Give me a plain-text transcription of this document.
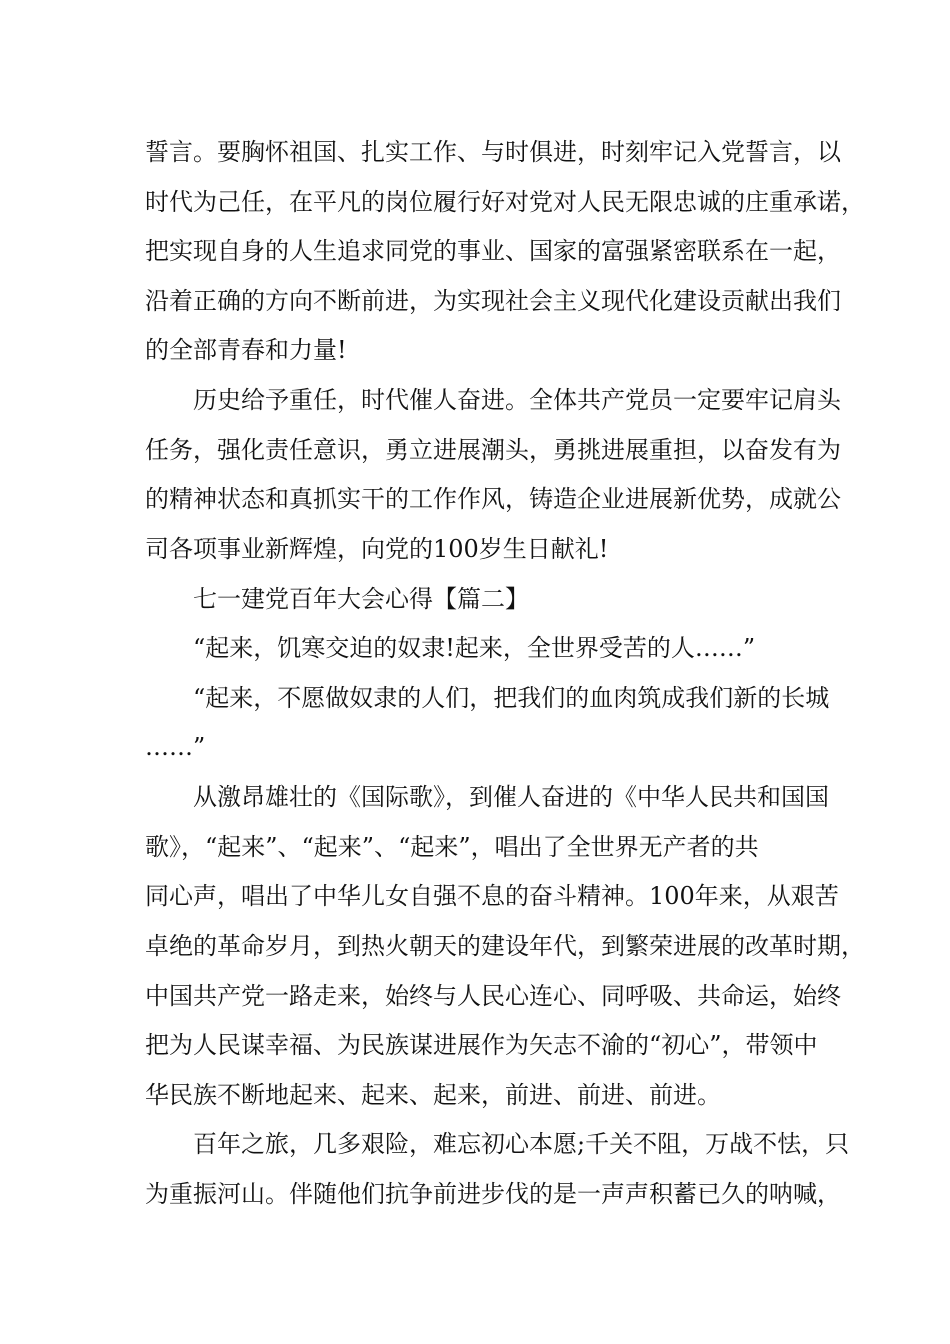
誓言。要胸怀祖国、扎实工作、与时俱进，时刻牢记入党誓言，以
时代为己任，在平凡的岗位履行好对党对人民无限忠诚的庄重承诺，
把实现自身的人生追求同党的事业、国家的富强紧密联系在一起，
沿着正确的方向不断前进，为实现社会主义现代化建设贡献出我们
的全部青春和力量!
历史给予重任，时代催人奋进。全体共产党员一定要牢记肩头
任务，强化责任意识，勇立进展潮头，勇挑进展重担，以奋发有为
的精神状态和真抓实干的工作作风，铸造企业进展新优势，成就公
司各项事业新辉煌，向党的100岁生日献礼!
七一建党百年大会心得【篇二】
“起来，饥寒交迫的奴隶!起来，全世界受苦的人……”
“起来，不愿做奴隶的人们，把我们的血肉筑成我们新的长城
……”
从激昂雄壮的《国际歌》，到催人奋进的《中华人民共和国国
歌》，“起来”、“起来”、“起来”，唱出了全世界无产者的共
同心声，唱出了中华儿女自强不息的奋斗精神。100年来，从艰苦
卓绝的革命岁月，到热火朝天的建设年代，到繁荣进展的改革时期，
中国共产党一路走来，始终与人民心连心、同呼吸、共命运，始终
把为人民谋幸福、为民族谋进展作为矢志不渝的“初心”，带领中
华民族不断地起来、起来、起来，前进、前进、前进。
百年之旅，几多艰险，难忘初心本愿;千关不阻，万战不怯，只
为重振河山。伴随他们抗争前进步伐的是一声声积蓄已久的呐喊，
